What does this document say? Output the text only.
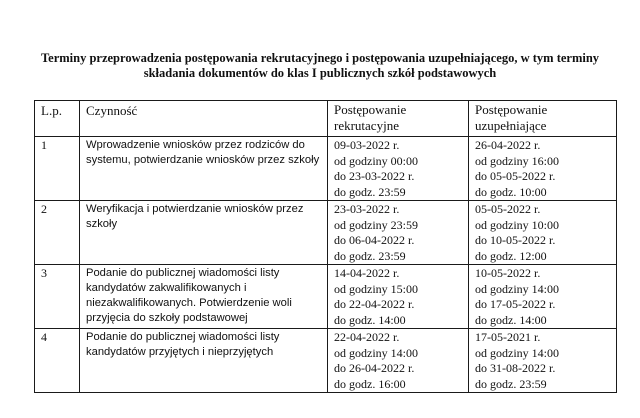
Terminy przeprowadzenia postępowania rekrutacyjnego i postępowania uzupełniającego, w tym terminy
składania dokumentów do klas I publicznych szkół podstawowych
L.p.	Czynność	Postępowanie
rekrutacyjne	Postępowanie
uzupełniające

1	Wprowadzenie wniosków przez rodziców do systemu, potwierdzanie wniosków przez szkoły	09-03-2022 r.
od godziny 00:00
do 23-03-2022 r.
do godz. 23:59	26-04-2022 r.
od godziny 16:00
do 05-05-2022 r.
do godz. 10:00

2	Weryfikacja i potwierdzanie wniosków przez szkoły	23-03-2022 r.
od godziny 23:59
do 06-04-2022 r.
do godz. 23:59	05-05-2022 r.
od godziny 10:00
do 10-05-2022 r.
do godz. 12:00

3	Podanie do publicznej wiadomości listy kandydatów zakwalifikowanych i niezakwalifikowanych. Potwierdzenie woli przyjęcia do szkoły podstawowej	14-04-2022 r.
od godziny 15:00
do 22-04-2022 r.
do godz. 14:00	10-05-2022 r.
od godziny 14:00
do 17-05-2022 r.
do godz. 14:00

4	Podanie do publicznej wiadomości listy kandydatów przyjętych i nieprzyjętych	22-04-2022 r.
od godziny 14:00
do 26-04-2022 r.
do godz. 16:00	17-05-2021 r.
od godziny 14:00
do 31-08-2022 r.
do godz. 23:59
